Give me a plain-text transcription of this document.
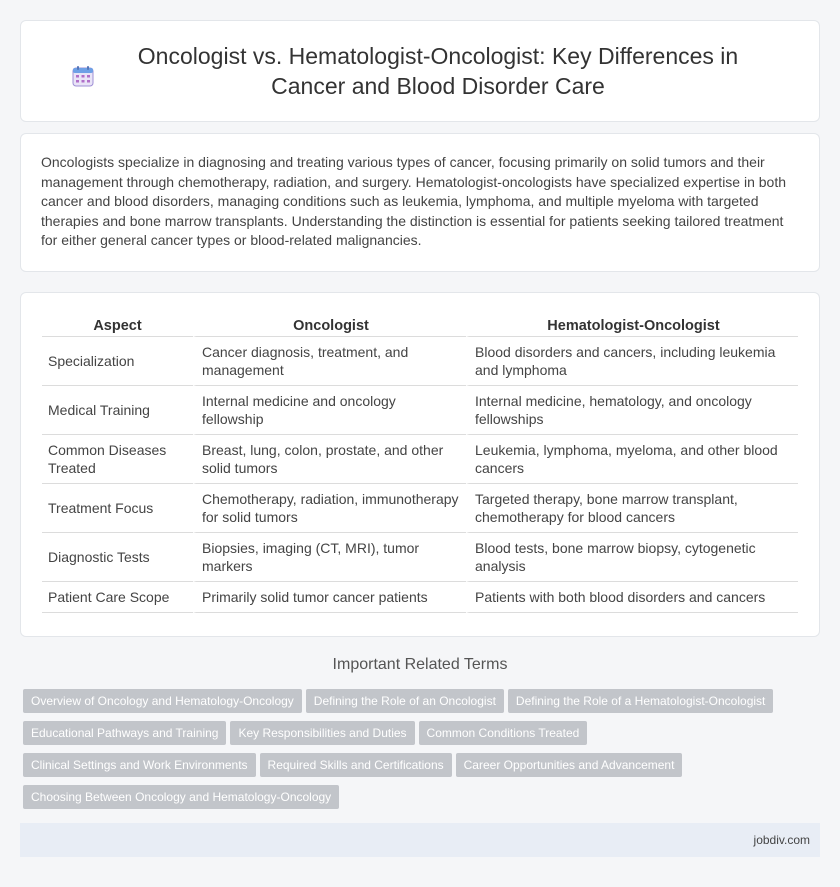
Oncologist vs. Hematologist-Oncologist: Key Differences in Cancer and Blood Disorder Care

Oncologists specialize in diagnosing and treating various types of cancer, focusing primarily on solid tumors and their management through chemotherapy, radiation, and surgery. Hematologist-oncologists have specialized expertise in both cancer and blood disorders, managing conditions such as leukemia, lymphoma, and multiple myeloma with targeted therapies and bone marrow transplants. Understanding the distinction is essential for patients seeking tailored treatment for either general cancer types or blood-related malignancies.

Aspect	Oncologist	Hematologist-Oncologist
Specialization	Cancer diagnosis, treatment, and management	Blood disorders and cancers, including leukemia and lymphoma
Medical Training	Internal medicine and oncology fellowship	Internal medicine, hematology, and oncology fellowships
Common Diseases Treated	Breast, lung, colon, prostate, and other solid tumors	Leukemia, lymphoma, myeloma, and other blood cancers
Treatment Focus	Chemotherapy, radiation, immunotherapy for solid tumors	Targeted therapy, bone marrow transplant, chemotherapy for blood cancers
Diagnostic Tests	Biopsies, imaging (CT, MRI), tumor markers	Blood tests, bone marrow biopsy, cytogenetic analysis
Patient Care Scope	Primarily solid tumor cancer patients	Patients with both blood disorders and cancers
Important Related Terms
Overview of Oncology and Hematology-Oncology Defining the Role of an Oncologist Defining the Role of a Hematologist-OncologistEducational Pathways and Training Key Responsibilities and Duties Common Conditions TreatedClinical Settings and Work Environments Required Skills and Certifications Career Opportunities and AdvancementChoosing Between Oncology and Hematology-Oncology
jobdiv.com
